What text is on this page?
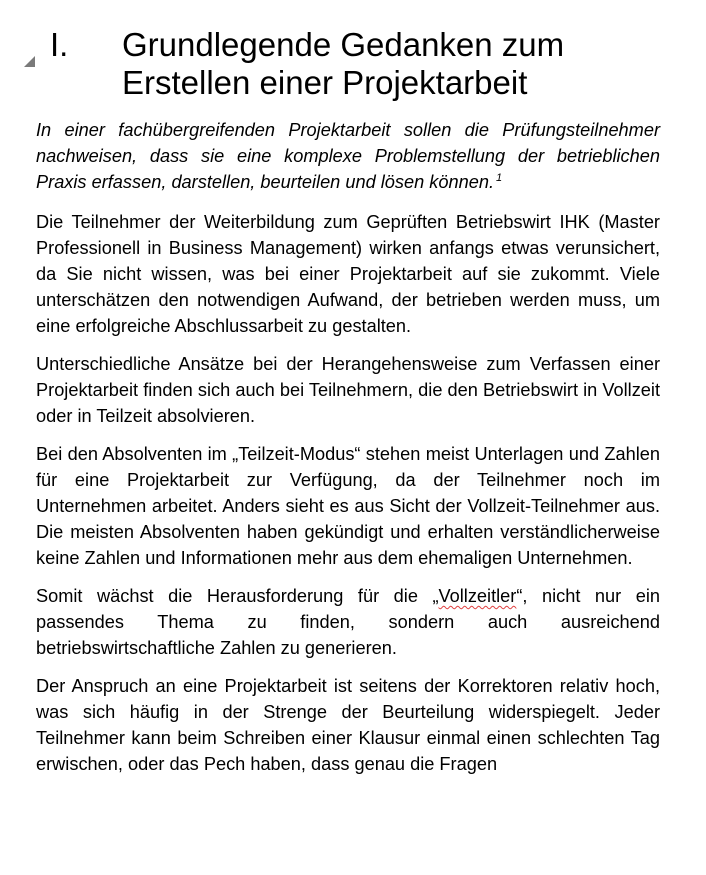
I. Grundlegende Gedanken zum Erstellen einer Projektarbeit

In einer fachübergreifenden Projektarbeit sollen die Prüfungsteilnehmer nachweisen, dass sie eine komplexe Problemstellung der betrieblichen Praxis erfassen, darstellen, beurteilen und lösen können. $^1$

Die Teilnehmer der Weiterbildung zum Geprüften Betriebswirt IHK (Master Professionell in Business Management) wirken anfangs etwas verunsichert, da Sie nicht wissen, was bei einer Projektarbeit auf sie zukommt. Viele unterschätzen den notwendigen Aufwand, der betrieben werden muss, um eine erfolgreiche Abschlussarbeit zu gestalten.

Unterschiedliche Ansätze bei der Herangehensweise zum Verfassen einer Projektarbeit finden sich auch bei Teilnehmern, die den Betriebswirt in Vollzeit oder in Teilzeit absolvieren.

Bei den Absolventen im „Teilzeit-Modus“ stehen meist Unterlagen und Zahlen für eine Projektarbeit zur Verfügung, da der Teilnehmer noch im Unternehmen arbeitet. Anders sieht es aus Sicht der Vollzeit-Teilnehmer aus. Die meisten Absolventen haben gekündigt und erhalten verständlicherweise keine Zahlen und Informationen mehr aus dem ehemaligen Unternehmen.

Somit wächst die Herausforderung für die „Vollzeitler“, nicht nur ein passendes Thema zu finden, sondern auch ausreichend betriebswirtschaftliche Zahlen zu generieren.

Der Anspruch an eine Projektarbeit ist seitens der Korrektoren relativ hoch, was sich häufig in der Strenge der Beurteilung widerspiegelt. Jeder Teilnehmer kann beim Schreiben einer Klausur einmal einen schlechten Tag erwischen, oder das Pech haben, dass genau die Fragen
